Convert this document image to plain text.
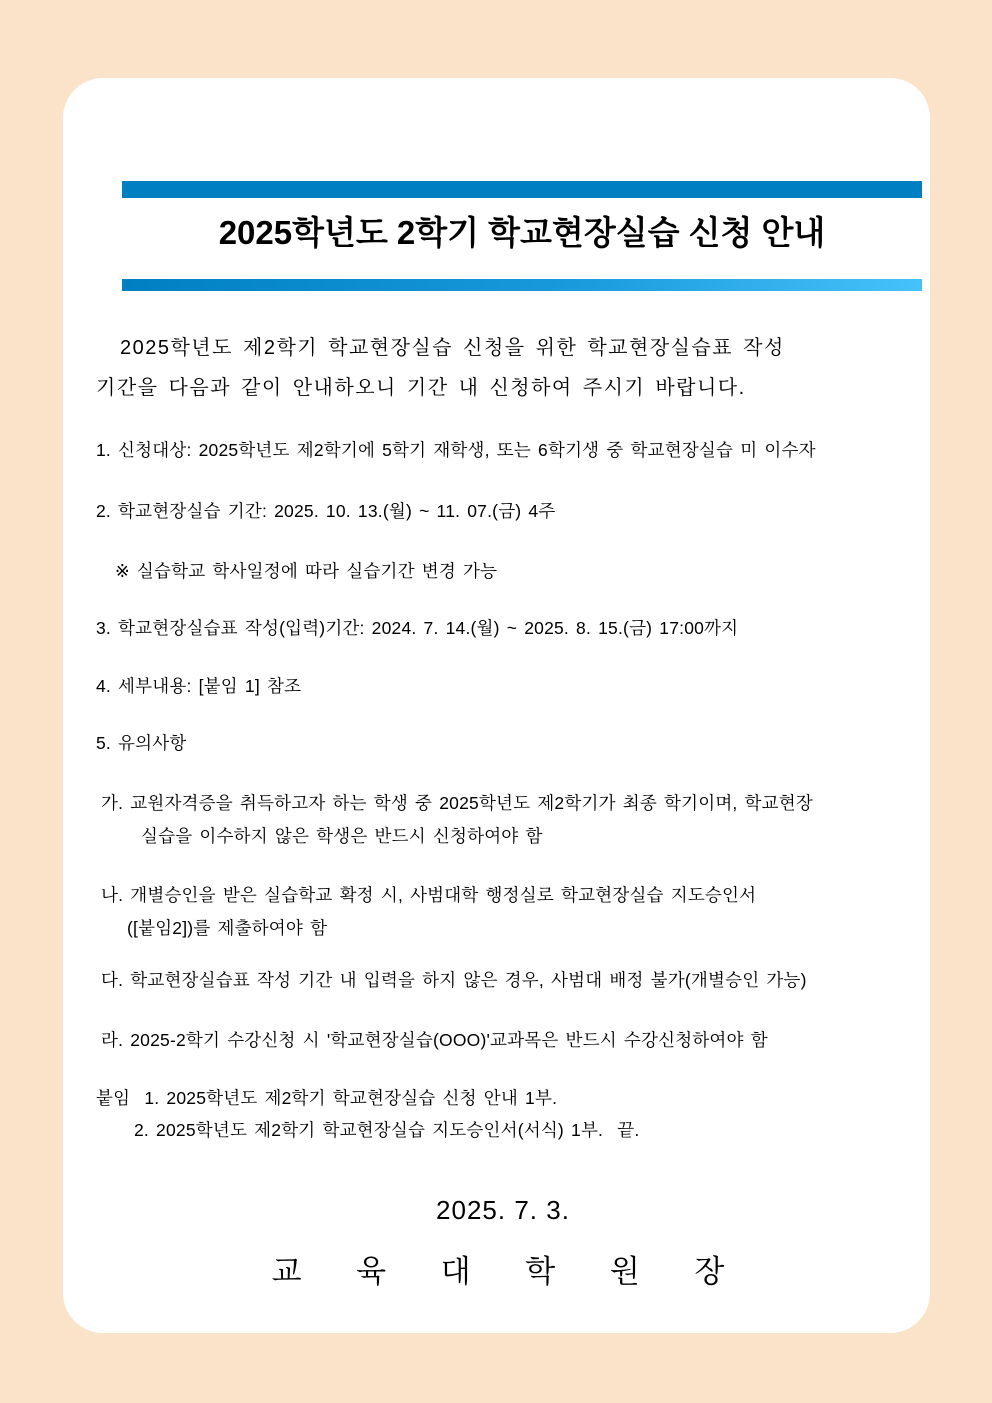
2025학년도 2학기 학교현장실습 신청 안내
2025학년도 제2학기 학교현장실습 신청을 위한 학교현장실습표 작성
기간을 다음과 같이 안내하오니 기간 내 신청하여 주시기 바랍니다.
1. 신청대상: 2025학년도 제2학기에 5학기 재학생, 또는 6학기생 중 학교현장실습 미 이수자
2. 학교현장실습 기간: 2025. 10. 13.(월) ~ 11. 07.(금) 4주
※ 실습학교 학사일정에 따라 실습기간 변경 가능
3. 학교현장실습표 작성(입력)기간: 2024. 7. 14.(월) ~ 2025. 8. 15.(금) 17:00까지
4. 세부내용: [붙임 1] 참조
5. 유의사항
가. 교원자격증을 취득하고자 하는 학생 중 2025학년도 제2학기가 최종 학기이며, 학교현장
실습을 이수하지 않은 학생은 반드시 신청하여야 함
나. 개별승인을 받은 실습학교 확정 시, 사범대학 행정실로 학교현장실습 지도승인서
([붙임2])를 제출하여야 함
다. 학교현장실습표 작성 기간 내 입력을 하지 않은 경우, 사범대 배정 불가(개별승인 가능)
라. 2025-2학기 수강신청 시 '학교현장실습(OOO)'교과목은 반드시 수강신청하여야 함
붙임  1. 2025학년도 제2학기 학교현장실습 신청 안내 1부.
2. 2025학년도 제2학기 학교현장실습 지도승인서(서식) 1부.  끝.
2025. 7. 3.
교 육 대 학 원 장
